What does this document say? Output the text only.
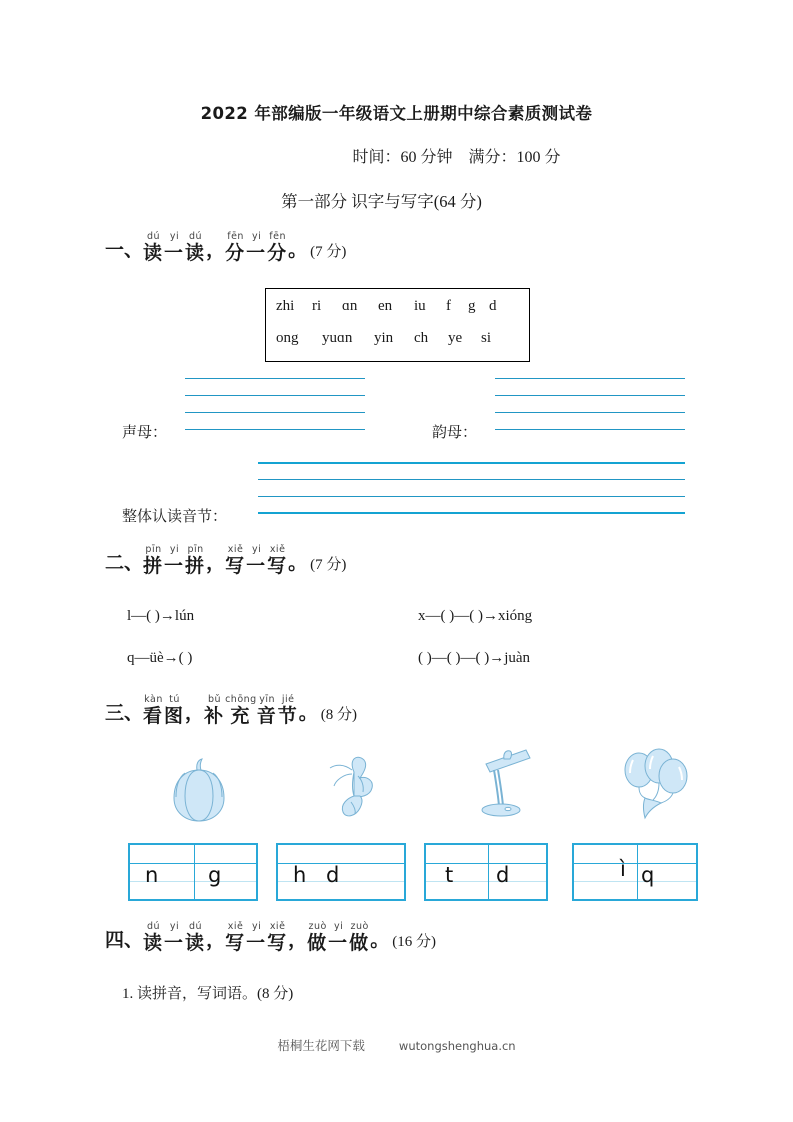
2022 年部编版一年级语文上册期中综合素质测试卷
时间：60 分钟 满分：100 分
第一部分 识字与写字(64 分)
一、
dú
读
yi
一
dú
读 ，
fēn
分
yi
一
fēn
分 。 (7 分)
zhi	ri	ɑn	en	iu	f	g d
ong	yuɑn	yin	ch	ye	si
声母：	韵母：
整体认读音节：
二、
pīn
拼
yi
一
pīn
拼 ，
xiě
写
yi
一
xiě
写 。 (7 分)
l—( )→lún	x—( )—( )→xióng
q—üè→( )	( )—( )—( )→juàn
三、
kàn
看
tú
图 ，
bǔ
补
chōng
充
yīn
音
jié
节 。 (8 分)
n g	h d	t d	ì q
四、
dú
读
yi
一
dú
读 ，
xiě
写
yi
一
xiě
写 ，
zuò
做
yi
一
zuò
做 。 (16 分)
1. 读拼音，写词语。(8 分)
梧桐生花网下载	wutongshenghua.cn
